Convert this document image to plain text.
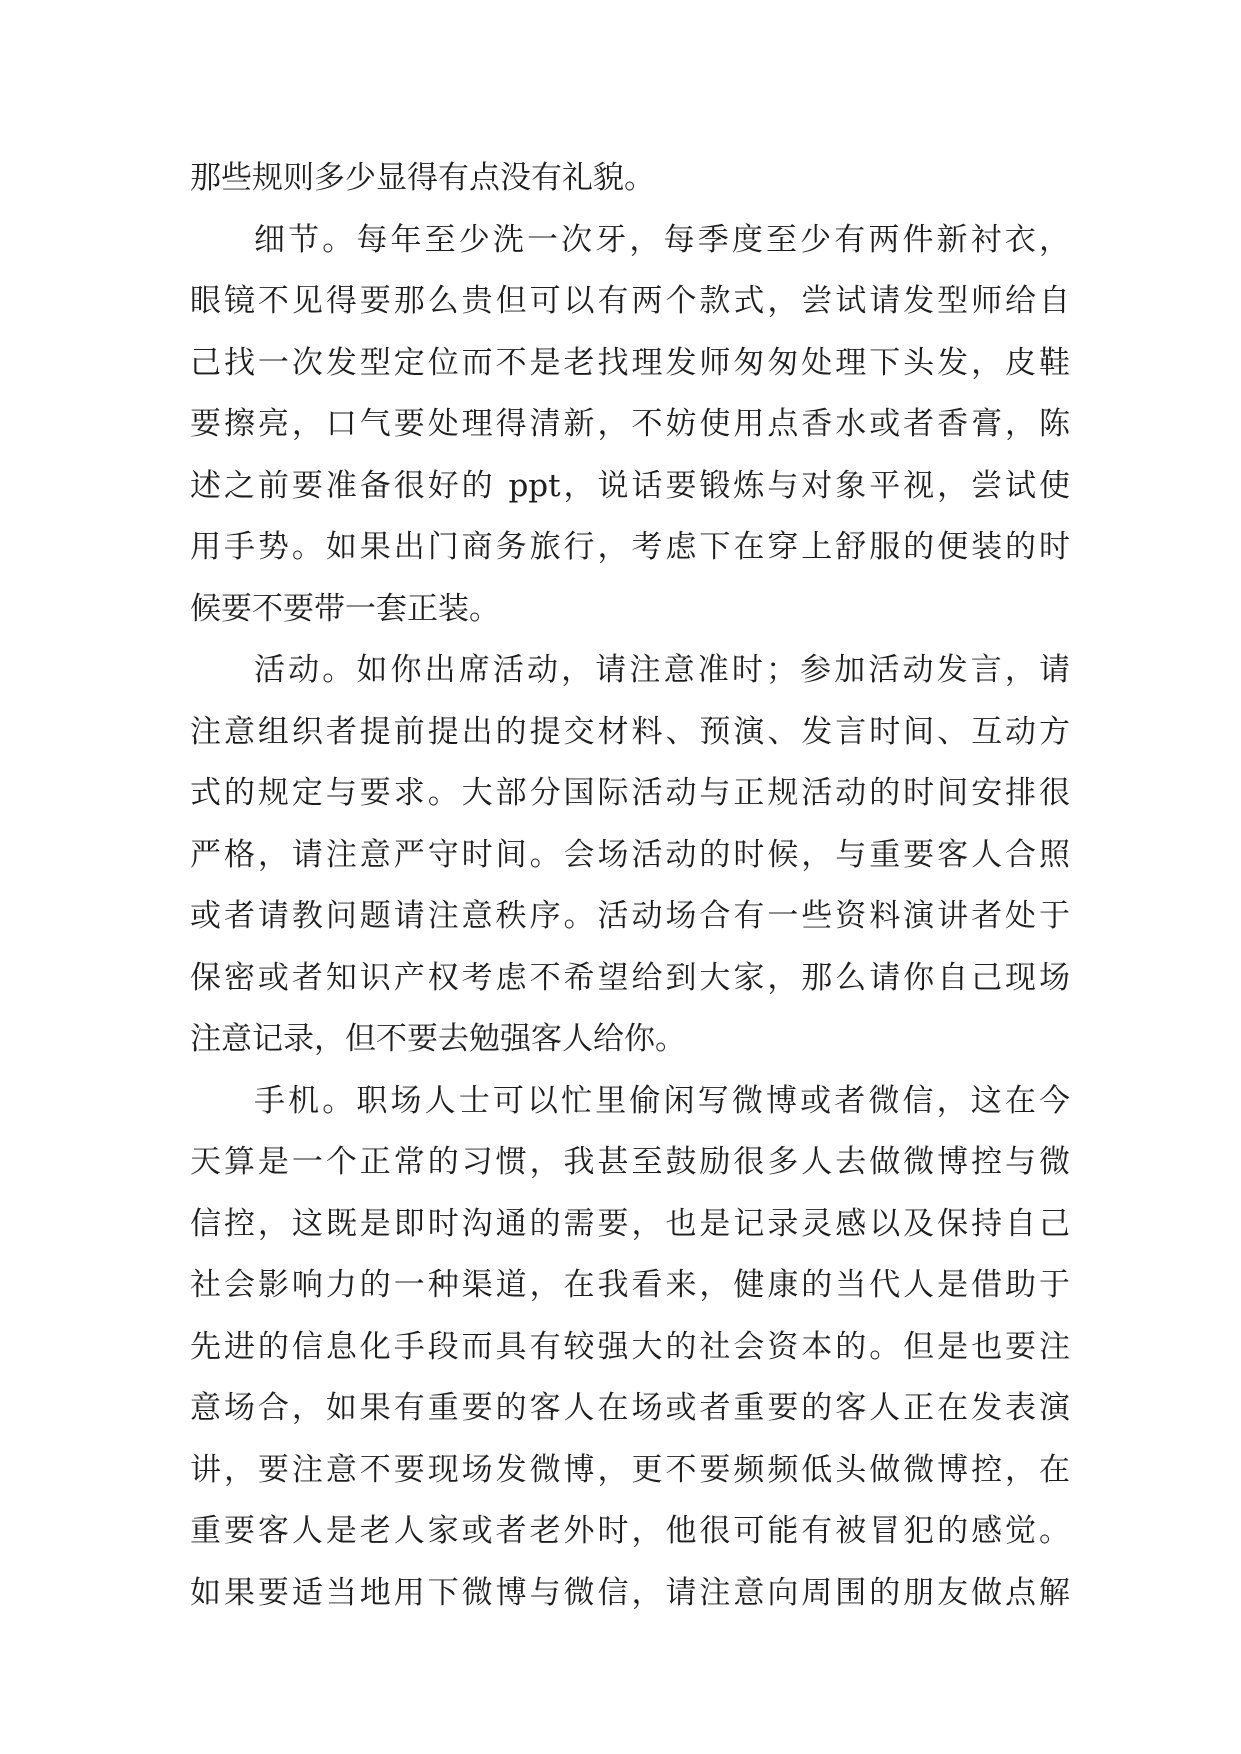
那些规则多少显得有点没有礼貌。
细节。每年至少洗一次牙，每季度至少有两件新衬衣，
眼镜不见得要那么贵但可以有两个款式，尝试请发型师给自
己找一次发型定位而不是老找理发师匆匆处理下头发，皮鞋
要擦亮，口气要处理得清新，不妨使用点香水或者香膏，陈
述之前要准备很好的 ppt，说话要锻炼与对象平视，尝试使
用手势。如果出门商务旅行，考虑下在穿上舒服的便装的时
候要不要带一套正装。
活动。如你出席活动，请注意准时；参加活动发言，请
注意组织者提前提出的提交材料、预演、发言时间、互动方
式的规定与要求。大部分国际活动与正规活动的时间安排很
严格，请注意严守时间。会场活动的时候，与重要客人合照
或者请教问题请注意秩序。活动场合有一些资料演讲者处于
保密或者知识产权考虑不希望给到大家，那么请你自己现场
注意记录，但不要去勉强客人给你。
手机。职场人士可以忙里偷闲写微博或者微信，这在今
天算是一个正常的习惯，我甚至鼓励很多人去做微博控与微
信控，这既是即时沟通的需要，也是记录灵感以及保持自己
社会影响力的一种渠道，在我看来，健康的当代人是借助于
先进的信息化手段而具有较强大的社会资本的。但是也要注
意场合，如果有重要的客人在场或者重要的客人正在发表演
讲，要注意不要现场发微博，更不要频频低头做微博控，在
重要客人是老人家或者老外时，他很可能有被冒犯的感觉。
如果要适当地用下微博与微信，请注意向周围的朋友做点解
